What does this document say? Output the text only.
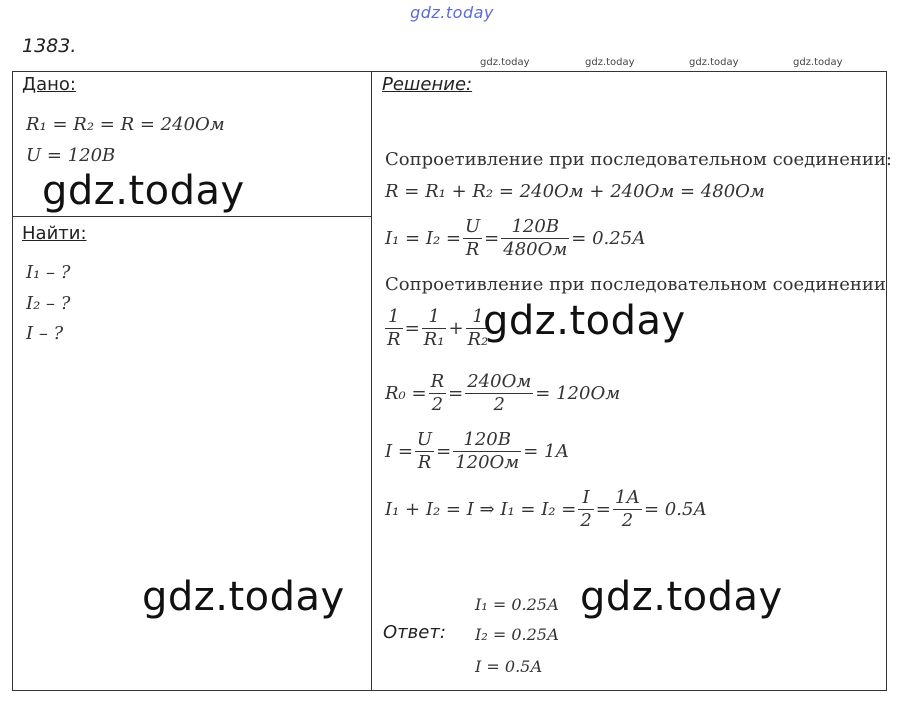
gdz.today
gdz.today	gdz.today	gdz.today	gdz.today
1383.
Дано:
R₁ = R₂ = R = 240Ом
U = 120В
gdz.today
Найти:
I₁ – ?
I₂ – ?
I – ?
gdz.today
Решение:
Сопроетивление при последовательном соединении:
R = R₁ + R₂ = 240Ом + 240Ом = 480Ом
$I_1 = I_2 = \frac{U}{R} = \frac{120В}{480Ом} = 0.25А$
Сопроетивление при последовательном соединении
$\frac{1}{R} = \frac{1}{\text{R₁}} + \frac{1}{\text{R₂}}$
gdz.today
$R_0 = \frac{R}{2} = \frac{240Ом}{2} = 120Ом$
$I = \frac{U}{R} = \frac{120В}{120Ом} = 1А$
I₁ + I₂ = I ⇒ $I_1 = I_2 = \frac{I}{2} = \frac{1А}{2} = 0.5А$
I₁ = 0.25А
Ответ: I₂ = 0.25А
I = 0.5А
gdz.today
